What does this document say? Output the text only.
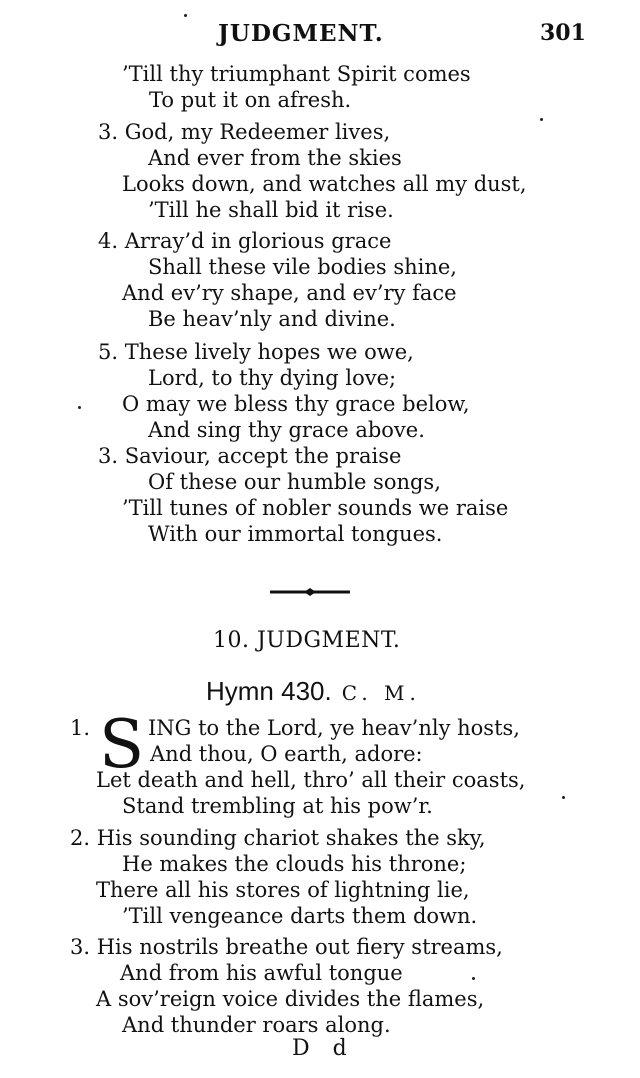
JUDGMENT.	301
’Till thy triumphant Spirit comes
To put it on afresh.
3. God, my Redeemer lives,
And ever from the skies
Looks down, and watches all my dust,
’Till he shall bid it rise.
4. Array’d in glorious grace
Shall these vile bodies shine,
And ev’ry shape, and ev’ry face
Be heav’nly and divine.
5. These lively hopes we owe,
Lord, to thy dying love;
O may we bless thy grace below,
And sing thy grace above.
3. Saviour, accept the praise
Of these our humble songs,
’Till tunes of nobler sounds we raise
With our immortal tongues.
10. JUDGMENT.
Hymn 430. C. M.
1. S ING to the Lord, ye heav’nly hosts,
And thou, O earth, adore:
Let death and hell, thro’ all their coasts,
Stand trembling at his pow’r.
2. His sounding chariot shakes the sky,
He makes the clouds his throne;
There all his stores of lightning lie,
’Till vengeance darts them down.
3. His nostrils breathe out fiery streams,
And from his awful tongue
A sov’reign voice divides the flames,
And thunder roars along.
D d
